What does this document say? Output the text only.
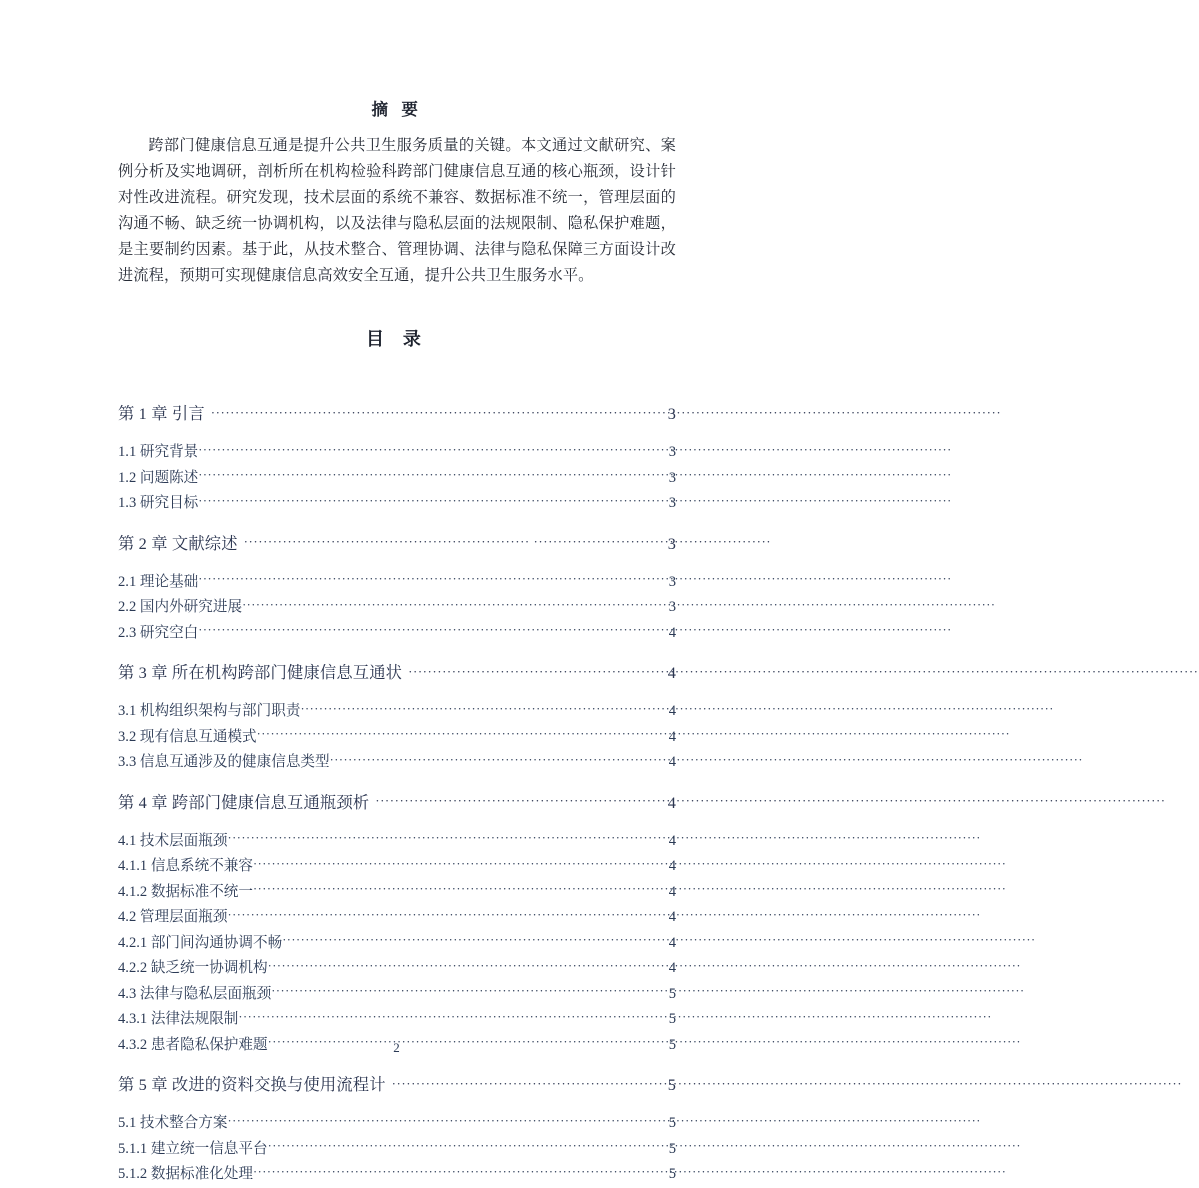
摘 要
跨部门健康信息互通是提升公共卫生服务质量的关键。本文通过文献研究、案例分析及实地调研，剖析所在机构检验科跨部门健康信息互通的核心瓶颈，设计针对性改进流程。研究发现，技术层面的系统不兼容、数据标准不统一，管理层面的沟通不畅、缺乏统一协调机构，以及法律与隐私层面的法规限制、隐私保护难题，是主要制约因素。基于此，从技术整合、管理协调、法律与隐私保障三方面设计改进流程，预期可实现健康信息高效安全互通，提升公共卫生服务水平。
目 录
第 1 章 引言 ·····	3
1.1 研究背景 ·····	3
1.2 问题陈述 ·····	3
1.3 研究目标 ·····	3
第 2 章 文献综述 ·····	3
2.1 理论基础 ·····	3
2.2 国内外研究进展 ·····	3
2.3 研究空白 ·····	4
第 3 章 所在机构跨部门健康信息互通状 ·····	4
3.1 机构组织架构与部门职责 ·····	4
3.2 现有信息互通模式 ·····	4
3.3 信息互通涉及的健康信息类型 ·····	4
第 4 章 跨部门健康信息互通瓶颈析 ·····	4
4.1 技术层面瓶颈 ·····	4
4.1.1 信息系统不兼容 ·····	4
4.1.2 数据标准不统一 ·····	4
4.2 管理层面瓶颈 ·····	4
4.2.1 部门间沟通协调不畅 ·····	4
4.2.2 缺乏统一协调机构 ·····	4
4.3 法律与隐私层面瓶颈 ·····	5
4.3.1 法律法规限制 ·····	5
4.3.2 患者隐私保护难题 ·····	5
第 5 章 改进的资料交换与使用流程计 ·····	5
5.1 技术整合方案 ·····	5
5.1.1 建立统一信息平台 ·····	5
5.1.2 数据标准化处理 ·····	5
2
